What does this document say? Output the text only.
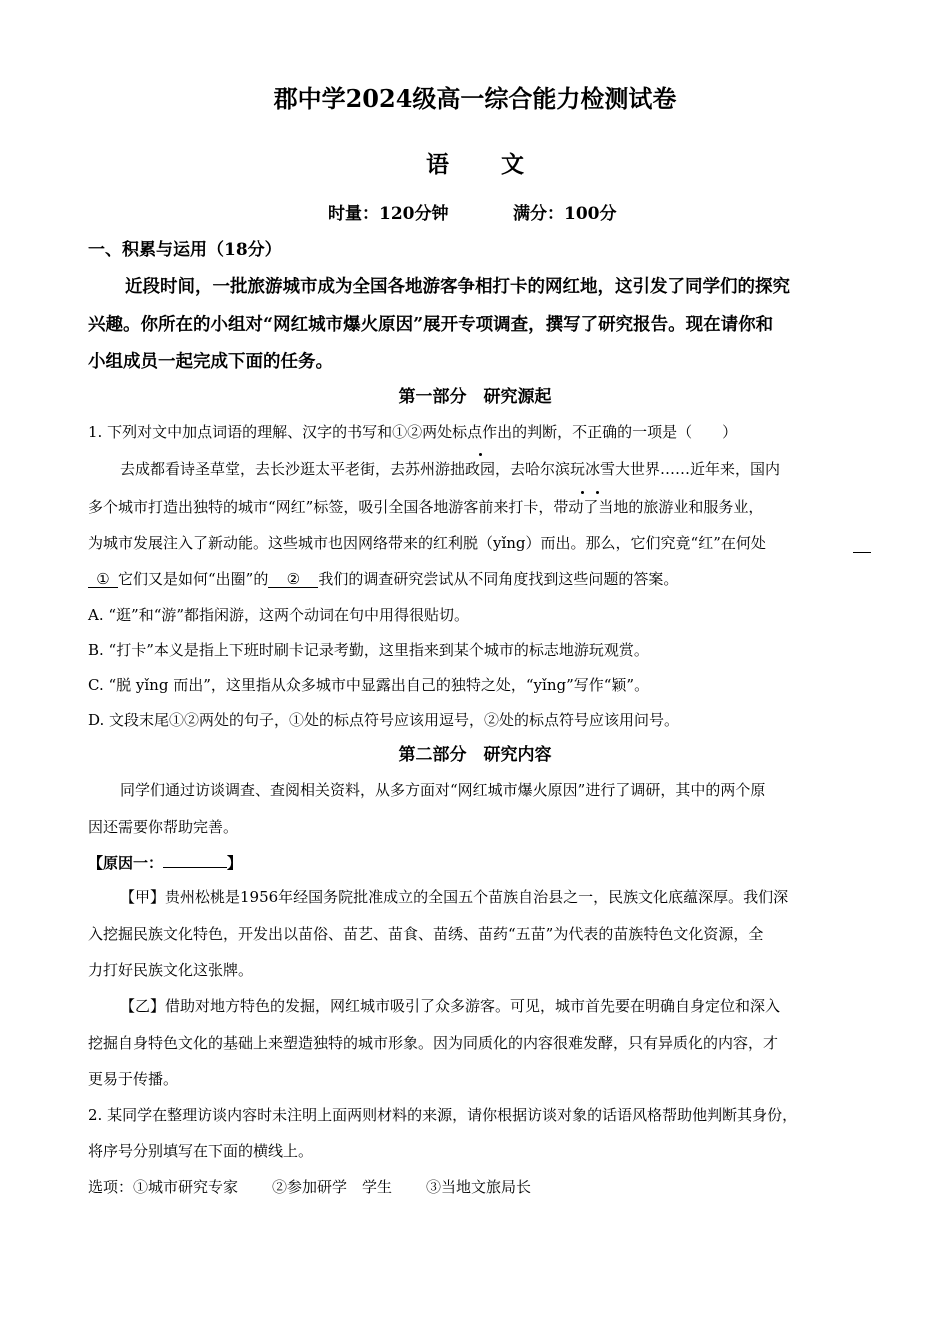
郡中学2024级高一综合能力检测试卷
语 文
时量：120分钟	满分：100分
一、积累与运用（18分）
近段时间，一批旅游城市成为全国各地游客争相打卡的网红地，这引发了同学们的探究
兴趣。你所在的小组对“网红城市爆火原因”展开专项调查，撰写了研究报告。现在请你和
小组成员一起完成下面的任务。
第一部分　研究源起
1. 下列对文中加点词语的理解、汉字的书写和①②两处标点作出的判断，不正确的一项是（　　）
去成都看诗圣草堂，去长沙逛太平老街，去苏州游拙政园，去哈尔滨玩冰雪大世界……近年来，国内
多个城市打造出独特的城市“网红”标签，吸引全国各地游客前来打卡，带动了当地的旅游业和服务业，
为城市发展注入了新动能。这些城市也因网络带来的红利脱（yǐng）而出。那么，它们究竟“红”在何处
① 它们又是如何“出圈”的 ② 我们的调查研究尝试从不同角度找到这些问题的答案。
A. “逛”和“游”都指闲游，这两个动词在句中用得很贴切。
B. “打卡”本义是指上下班时刷卡记录考勤，这里指来到某个城市的标志地游玩观赏。
C. “脱 yǐng 而出”，这里指从众多城市中显露出自己的独特之处，“yǐng”写作“颖”。
D. 文段末尾①②两处的句子，①处的标点符号应该用逗号，②处的标点符号应该用问号。
第二部分　研究内容
同学们通过访谈调查、查阅相关资料，从多方面对“网红城市爆火原因”进行了调研，其中的两个原
因还需要你帮助完善。
【原因一：	】
【甲】贵州松桃是1956年经国务院批准成立的全国五个苗族自治县之一，民族文化底蕴深厚。我们深
入挖掘民族文化特色，开发出以苗俗、苗艺、苗食、苗绣、苗药“五苗”为代表的苗族特色文化资源，全
力打好民族文化这张牌。
【乙】借助对地方特色的发掘，网红城市吸引了众多游客。可见，城市首先要在明确自身定位和深入
挖掘自身特色文化的基础上来塑造独特的城市形象。因为同质化的内容很难发酵，只有异质化的内容，才
更易于传播。
2. 某同学在整理访谈内容时未注明上面两则材料的来源，请你根据访谈对象的话语风格帮助他判断其身份，
将序号分别填写在下面的横线上。
选项：①城市研究专家 ②参加研学　学生 ③当地文旅局长
